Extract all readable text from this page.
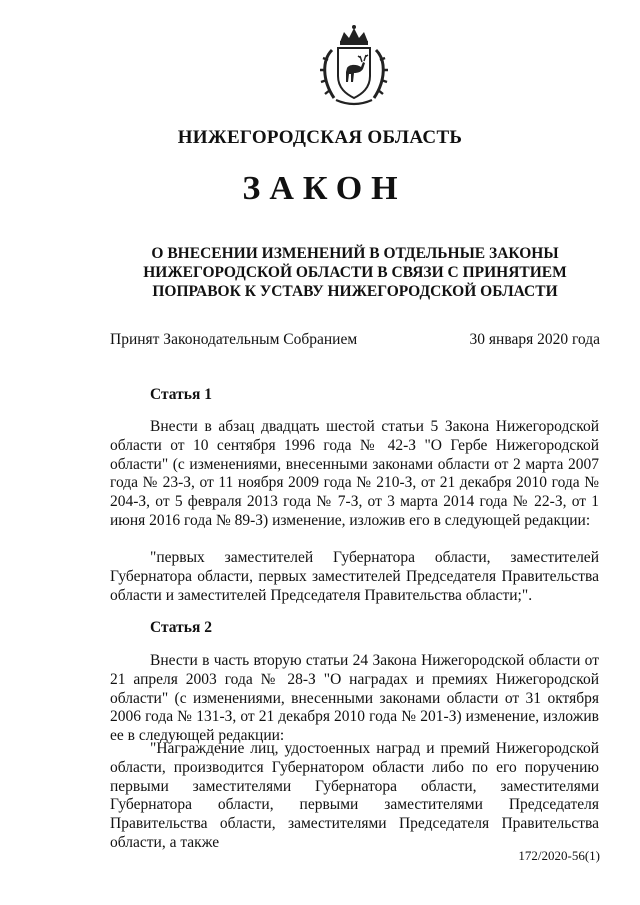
НИЖЕГОРОДСКАЯ ОБЛАСТЬ
ЗАКОН
О ВНЕСЕНИИ ИЗМЕНЕНИЙ В ОТДЕЛЬНЫЕ ЗАКОНЫ НИЖЕГОРОДСКОЙ ОБЛАСТИ В СВЯЗИ С ПРИНЯТИЕМ ПОПРАВОК К УСТАВУ НИЖЕГОРОДСКОЙ ОБЛАСТИ
Принят Законодательным Собранием	30 января 2020 года
Статья 1

Внести в абзац двадцать шестой статьи 5 Закона Нижегородской области от 10 сентября 1996 года № 42-З "О Гербе Нижегородской области" (с изменениями, внесенными законами области от 2 марта 2007 года № 23-З, от 11 ноября 2009 года № 210-З, от 21 декабря 2010 года № 204-З, от 5 февраля 2013 года № 7-З, от 3 марта 2014 года № 22-З, от 1 июня 2016 года № 89-З) изменение, изложив его в следующей редакции:

"первых заместителей Губернатора области, заместителей Губернатора области, первых заместителей Председателя Правительства области и заместителей Председателя Правительства области;".

Статья 2

Внести в часть вторую статьи 24 Закона Нижегородской области от 21 апреля 2003 года № 28-З "О наградах и премиях Нижегородской области" (с изменениями, внесенными законами области от 31 октября 2006 года № 131-З, от 21 декабря 2010 года № 201-З) изменение, изложив ее в следующей редакции:

"Награждение лиц, удостоенных наград и премий Нижегородской области, производится Губернатором области либо по его поручению первыми заместителями Губернатора области, заместителями Губернатора области, первыми заместителями Председателя Правительства области, заместителями Председателя Правительства области, а также

172/2020-56(1)
